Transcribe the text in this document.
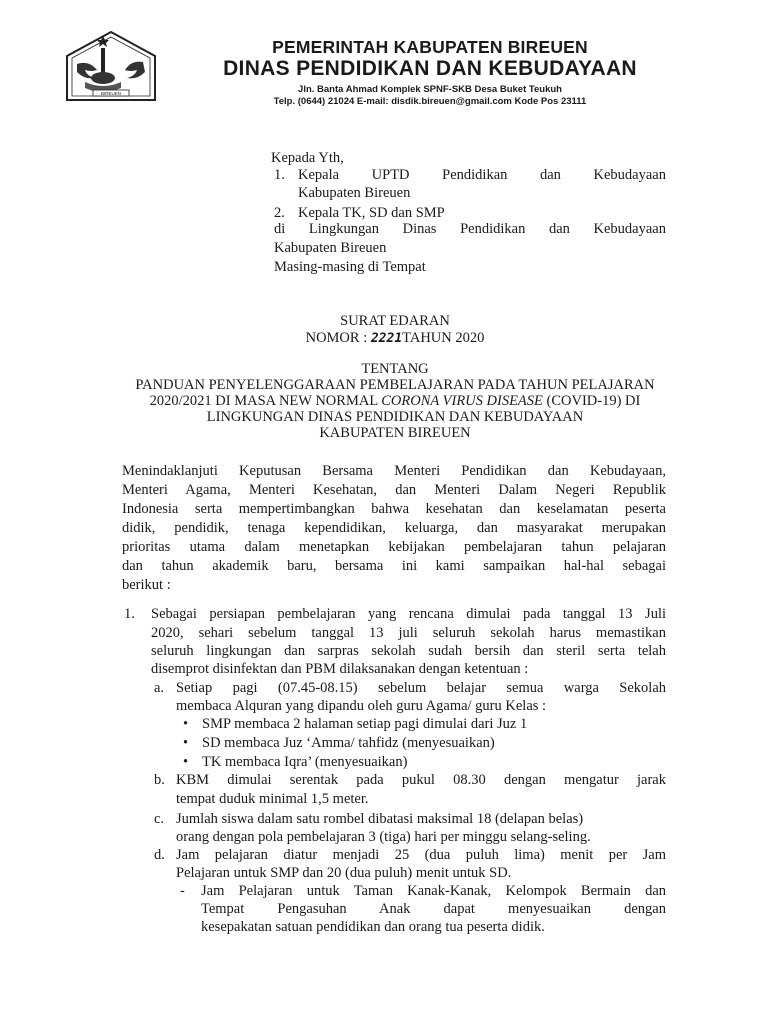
BIREUEN
PEMERINTAH KABUPATEN BIREUEN
DINAS PENDIDIKAN DAN KEBUDAYAAN
Jln. Banta Ahmad Komplek SPNF-SKB Desa Buket Teukuh
Telp. (0644) 21024 E-mail: disdik.bireuen@gmail.com Kode Pos 23111
Kepada Yth,
1. Kepala UPTD Pendidikan dan Kebudayaan
Kabupaten Bireuen
2. Kepala TK, SD dan SMP
di Lingkungan Dinas Pendidikan dan Kebudayaan
Kabupaten Bireuen
Masing-masing di Tempat
SURAT EDARAN
NOMOR : 2221TAHUN 2020
TENTANG
PANDUAN PENYELENGGARAAN PEMBELAJARAN PADA TAHUN PELAJARAN
2020/2021 DI MASA NEW NORMAL CORONA VIRUS DISEASE (COVID-19) DI
LINGKUNGAN DINAS PENDIDIKAN DAN KEBUDAYAAN
KABUPATEN BIREUEN
Menindaklanjuti Keputusan Bersama Menteri Pendidikan dan Kebudayaan,
Menteri Agama, Menteri Kesehatan, dan Menteri Dalam Negeri Republik
Indonesia serta mempertimbangkan bahwa kesehatan dan keselamatan peserta
didik, pendidik, tenaga kependidikan, keluarga, dan masyarakat merupakan
prioritas utama dalam menetapkan kebijakan pembelajaran tahun pelajaran
dan tahun akademik baru, bersama ini kami sampaikan hal-hal sebagai
berikut :
1. Sebagai persiapan pembelajaran yang rencana dimulai pada tanggal 13 Juli
2020, sehari sebelum tanggal 13 juli seluruh sekolah harus memastikan
seluruh lingkungan dan sarpras sekolah sudah bersih dan steril serta telah
disemprot disinfektan dan PBM dilaksanakan dengan ketentuan :
a. Setiap pagi (07.45-08.15) sebelum belajar semua warga Sekolah
membaca Alquran yang dipandu oleh guru Agama/ guru Kelas :
• SMP membaca 2 halaman setiap pagi dimulai dari Juz 1
• SD membaca Juz ‘Amma/ tahfidz (menyesuaikan)
• TK membaca Iqra’ (menyesuaikan)
b. KBM dimulai serentak pada pukul 08.30 dengan mengatur jarak
tempat duduk minimal 1,5 meter.
c. Jumlah siswa dalam satu rombel dibatasi maksimal 18 (delapan belas)
orang dengan pola pembelajaran 3 (tiga) hari per minggu selang-seling.
d. Jam pelajaran diatur menjadi 25 (dua puluh lima) menit per Jam
Pelajaran untuk SMP dan 20 (dua puluh) menit untuk SD.
- Jam Pelajaran untuk Taman Kanak-Kanak, Kelompok Bermain dan
Tempat Pengasuhan Anak dapat menyesuaikan dengan
kesepakatan satuan pendidikan dan orang tua peserta didik.
